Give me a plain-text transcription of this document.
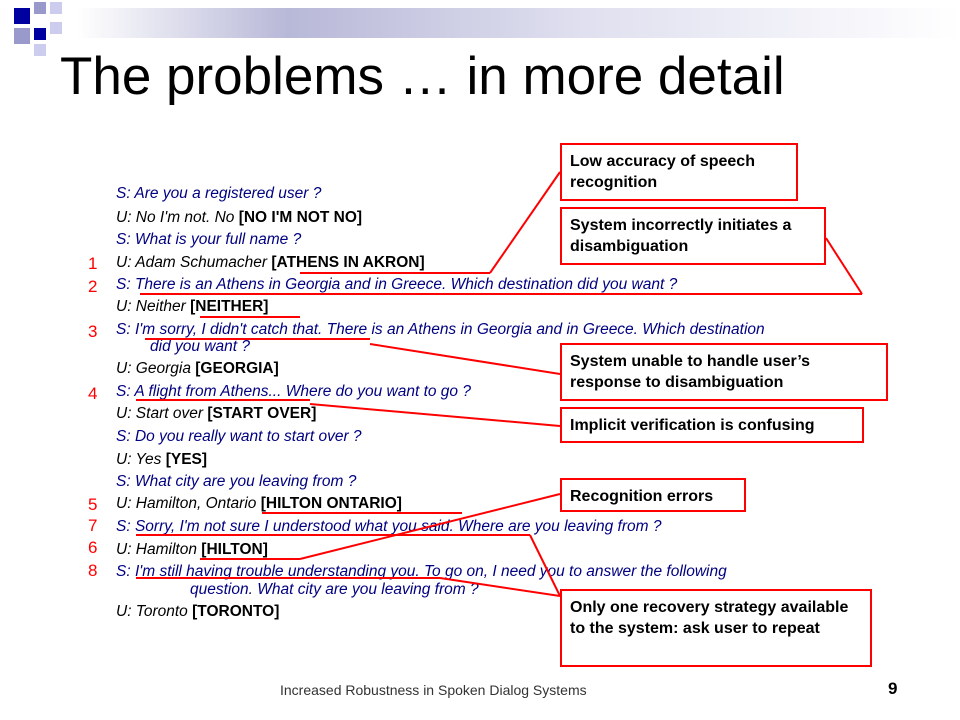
The problems … in more detail
S: Are you a registered user ?
U: No I'm not. No [NO I'M NOT NO]
S: What is your full name ?
U: Adam Schumacher [ATHENS IN AKRON]
S: There is an Athens in Georgia and in Greece. Which destination did you want ?
U: Neither [NEITHER]
S: I'm sorry, I didn't catch that. There is an Athens in Georgia and in Greece. Which destination
did you want ?
U: Georgia [GEORGIA]
S: A flight from Athens... Where do you want to go ?
U: Start over [START OVER]
S: Do you really want to start over ?
U: Yes [YES]
S: What city are you leaving from ?
U: Hamilton, Ontario [HILTON ONTARIO]
S: Sorry, I'm not sure I understood what you said. Where are you leaving from ?
U: Hamilton [HILTON]
S: I'm still having trouble understanding you. To go on, I need you to answer the following
question. What city are you leaving from ?
U: Toronto [TORONTO]
1
2
3
4
5
7
6
8
Low accuracy of speech recognition
System incorrectly initiates a disambiguation
System unable to handle user’s response to disambiguation
Implicit verification is confusing
Recognition errors
Only one recovery strategy available to the system: ask user to repeat
Increased Robustness in Spoken Dialog Systems	9
